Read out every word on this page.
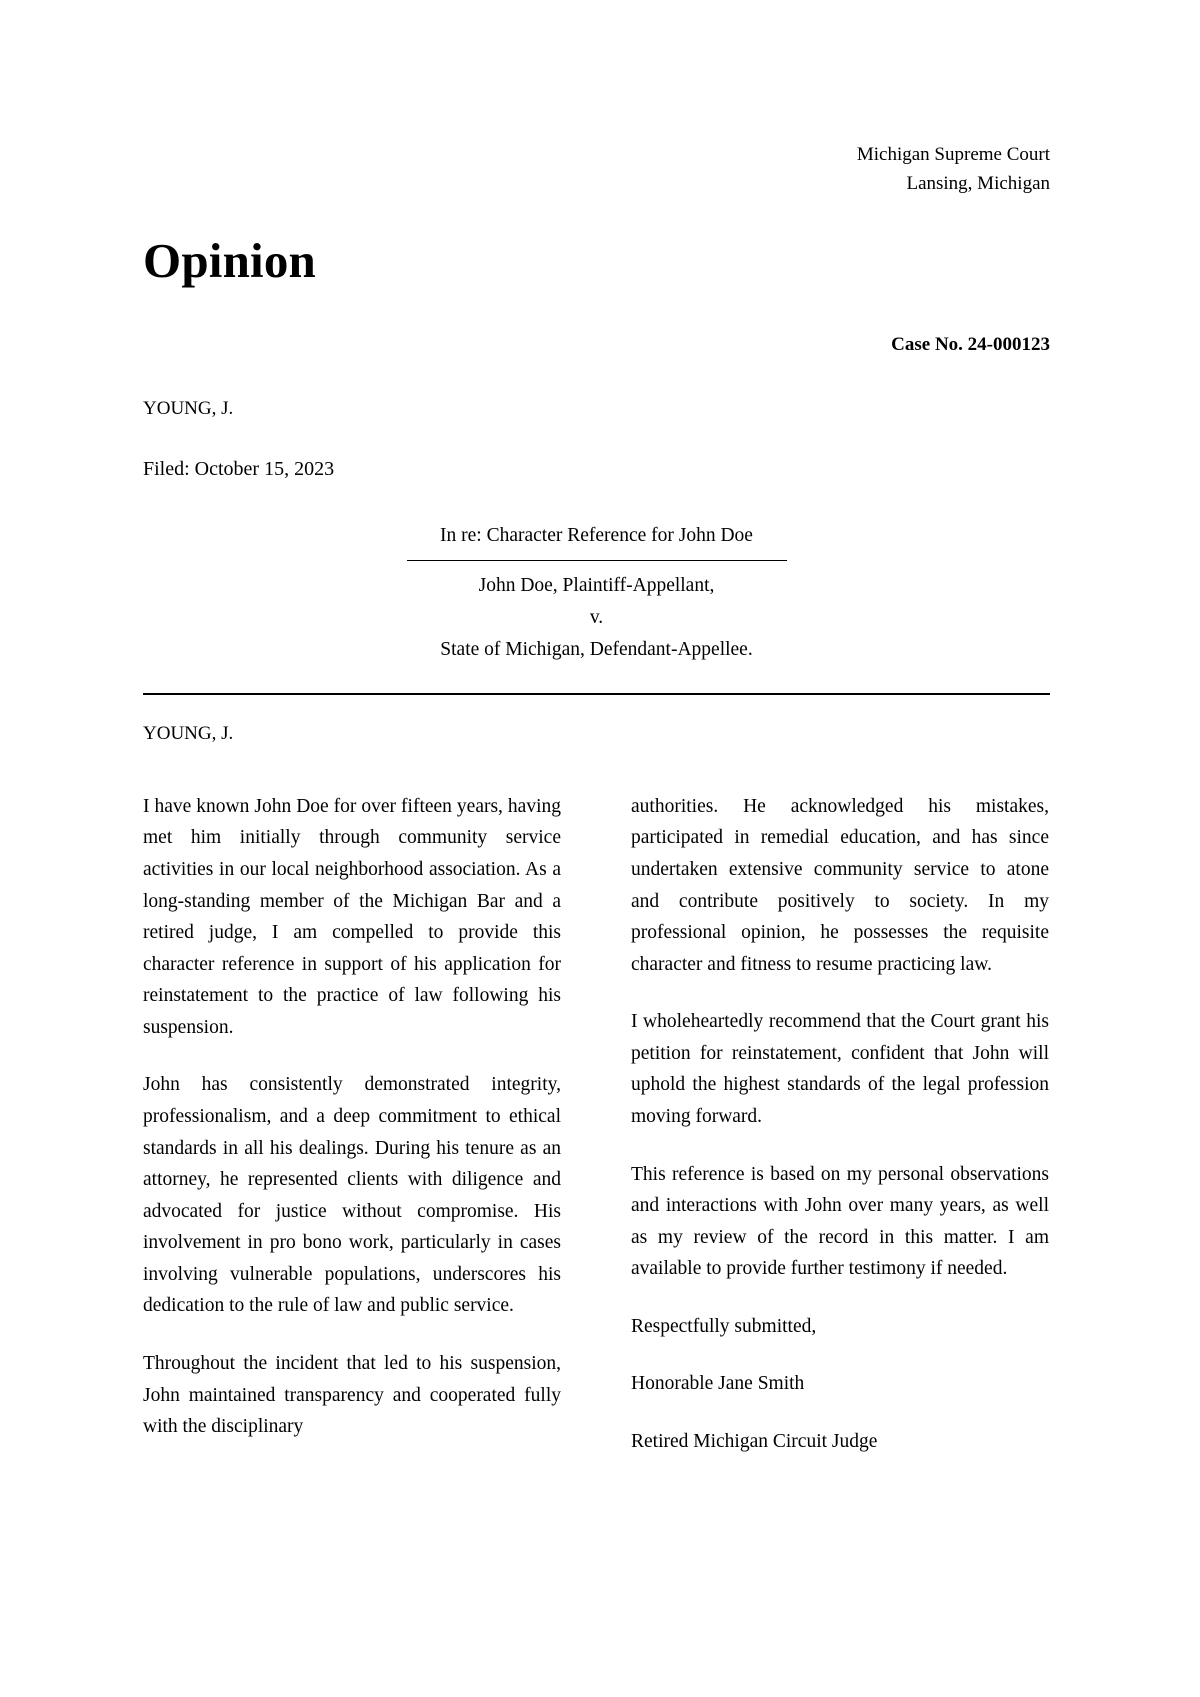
Michigan Supreme Court
Lansing, Michigan
Opinion
Case No. 24-000123
YOUNG, J.
Filed: October 15, 2023
In re: Character Reference for John Doe
John Doe, Plaintiff-Appellant,
v.
State of Michigan, Defendant-Appellee.
YOUNG, J.

I have known John Doe for over fifteen years, having met him initially through community service activities in our local neighborhood association. As a long-standing member of the Michigan Bar and a retired judge, I am compelled to provide this character reference in support of his application for reinstatement to the practice of law following his suspension.

John has consistently demonstrated integrity, professionalism, and a deep commitment to ethical standards in all his dealings. During his tenure as an attorney, he represented clients with diligence and advocated for justice without compromise. His involvement in pro bono work, particularly in cases involving vulnerable populations, underscores his dedication to the rule of law and public service.

Throughout the incident that led to his suspension, John maintained transparency and cooperated fully with the disciplinary

authorities. He acknowledged his mistakes, participated in remedial education, and has since undertaken extensive community service to atone and contribute positively to society. In my professional opinion, he possesses the requisite character and fitness to resume practicing law.

I wholeheartedly recommend that the Court grant his petition for reinstatement, confident that John will uphold the highest standards of the legal profession moving forward.

This reference is based on my personal observations and interactions with John over many years, as well as my review of the record in this matter. I am available to provide further testimony if needed.

Respectfully submitted,
Honorable Jane Smith
Retired Michigan Circuit Judge
